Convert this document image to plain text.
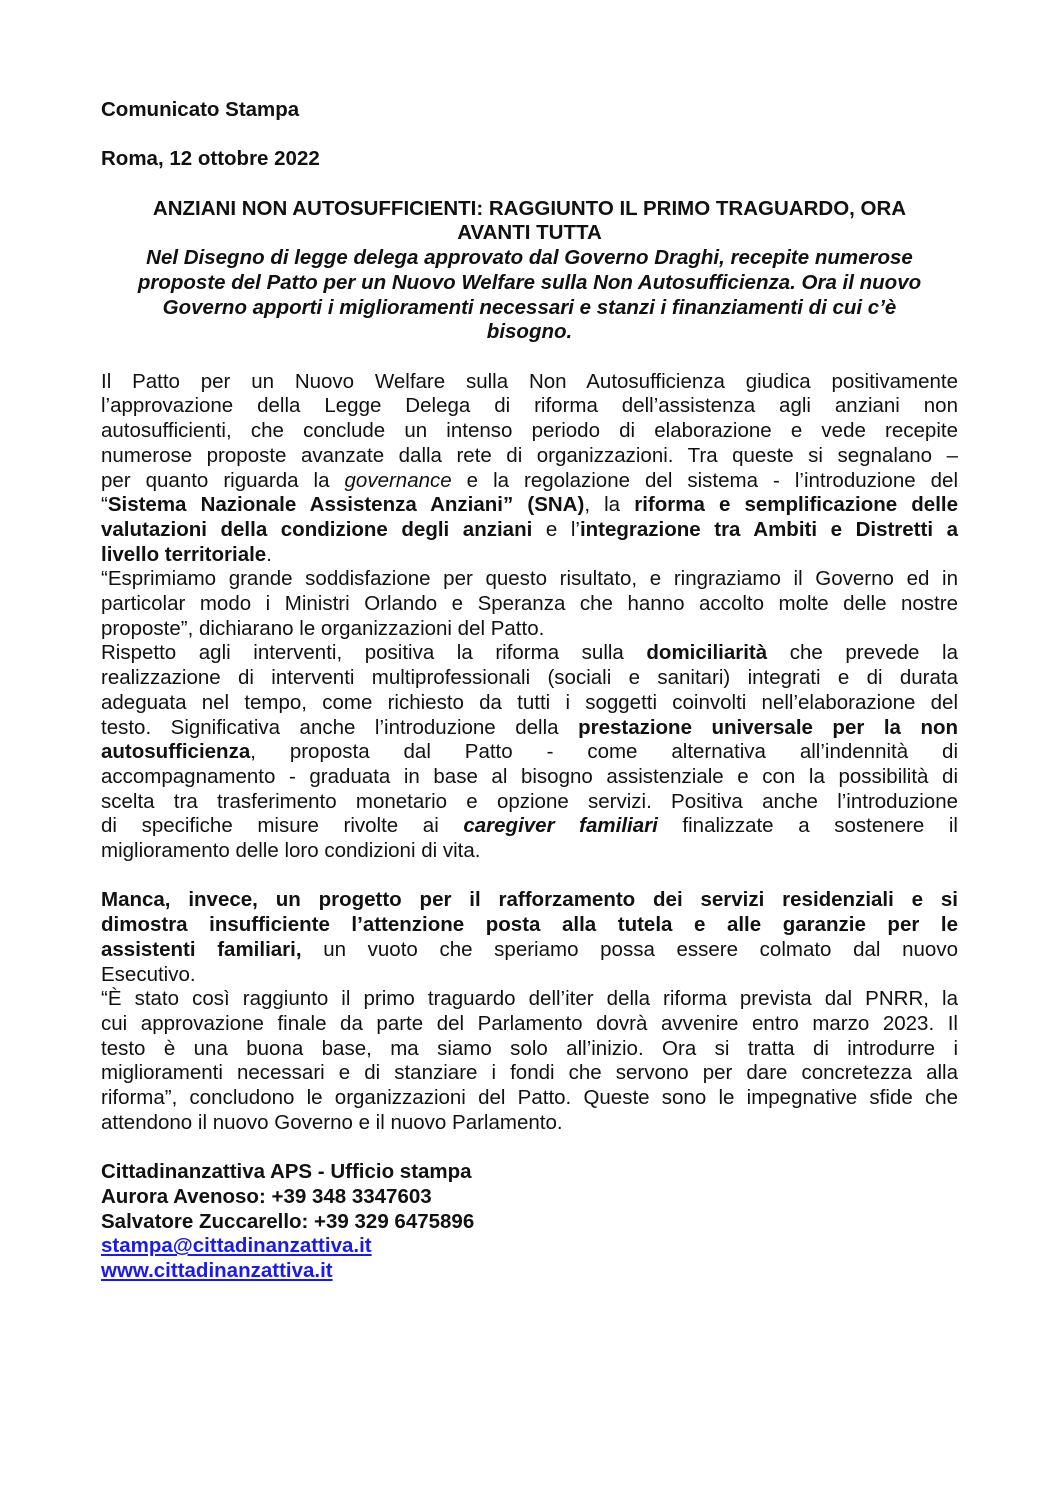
Comunicato Stampa
Roma, 12 ottobre 2022
ANZIANI NON AUTOSUFFICIENTI: RAGGIUNTO IL PRIMO TRAGUARDO, ORA
AVANTI TUTTA
Nel Disegno di legge delega approvato dal Governo Draghi, recepite numerose
proposte del Patto per un Nuovo Welfare sulla Non Autosufficienza. Ora il nuovo
Governo apporti i miglioramenti necessari e stanzi i finanziamenti di cui c’è
bisogno.
Il Patto per un Nuovo Welfare sulla Non Autosufficienza giudica positivamente
l’approvazione della Legge Delega di riforma dell’assistenza agli anziani non
autosufficienti, che conclude un intenso periodo di elaborazione e vede recepite
numerose proposte avanzate dalla rete di organizzazioni. Tra queste si segnalano –
per quanto riguarda la governance e la regolazione del sistema - l’introduzione del
“Sistema Nazionale Assistenza Anziani” (SNA), la riforma e semplificazione delle
valutazioni della condizione degli anziani e l’integrazione tra Ambiti e Distretti a
livello territoriale.
“Esprimiamo grande soddisfazione per questo risultato, e ringraziamo il Governo ed in
particolar modo i Ministri Orlando e Speranza che hanno accolto molte delle nostre
proposte”, dichiarano le organizzazioni del Patto.
Rispetto agli interventi, positiva la riforma sulla domiciliarità che prevede la
realizzazione di interventi multiprofessionali (sociali e sanitari) integrati e di durata
adeguata nel tempo, come richiesto da tutti i soggetti coinvolti nell’elaborazione del
testo. Significativa anche l’introduzione della prestazione universale per la non
autosufficienza, proposta dal Patto - come alternativa all’indennità di
accompagnamento - graduata in base al bisogno assistenziale e con la possibilità di
scelta tra trasferimento monetario e opzione servizi. Positiva anche l’introduzione
di specifiche misure rivolte ai caregiver familiari finalizzate a sostenere il
miglioramento delle loro condizioni di vita.
Manca, invece, un progetto per il rafforzamento dei servizi residenziali e si
dimostra insufficiente l’attenzione posta alla tutela e alle garanzie per le
assistenti familiari, un vuoto che speriamo possa essere colmato dal nuovo
Esecutivo.
“È stato così raggiunto il primo traguardo dell’iter della riforma prevista dal PNRR, la
cui approvazione finale da parte del Parlamento dovrà avvenire entro marzo 2023. Il
testo è una buona base, ma siamo solo all’inizio. Ora si tratta di introdurre i
miglioramenti necessari e di stanziare i fondi che servono per dare concretezza alla
riforma”, concludono le organizzazioni del Patto. Queste sono le impegnative sfide che
attendono il nuovo Governo e il nuovo Parlamento.
Cittadinanzattiva APS - Ufficio stampa
Aurora Avenoso: +39 348 3347603
Salvatore Zuccarello: +39 329 6475896
stampa@cittadinanzattiva.it
www.cittadinanzattiva.it
